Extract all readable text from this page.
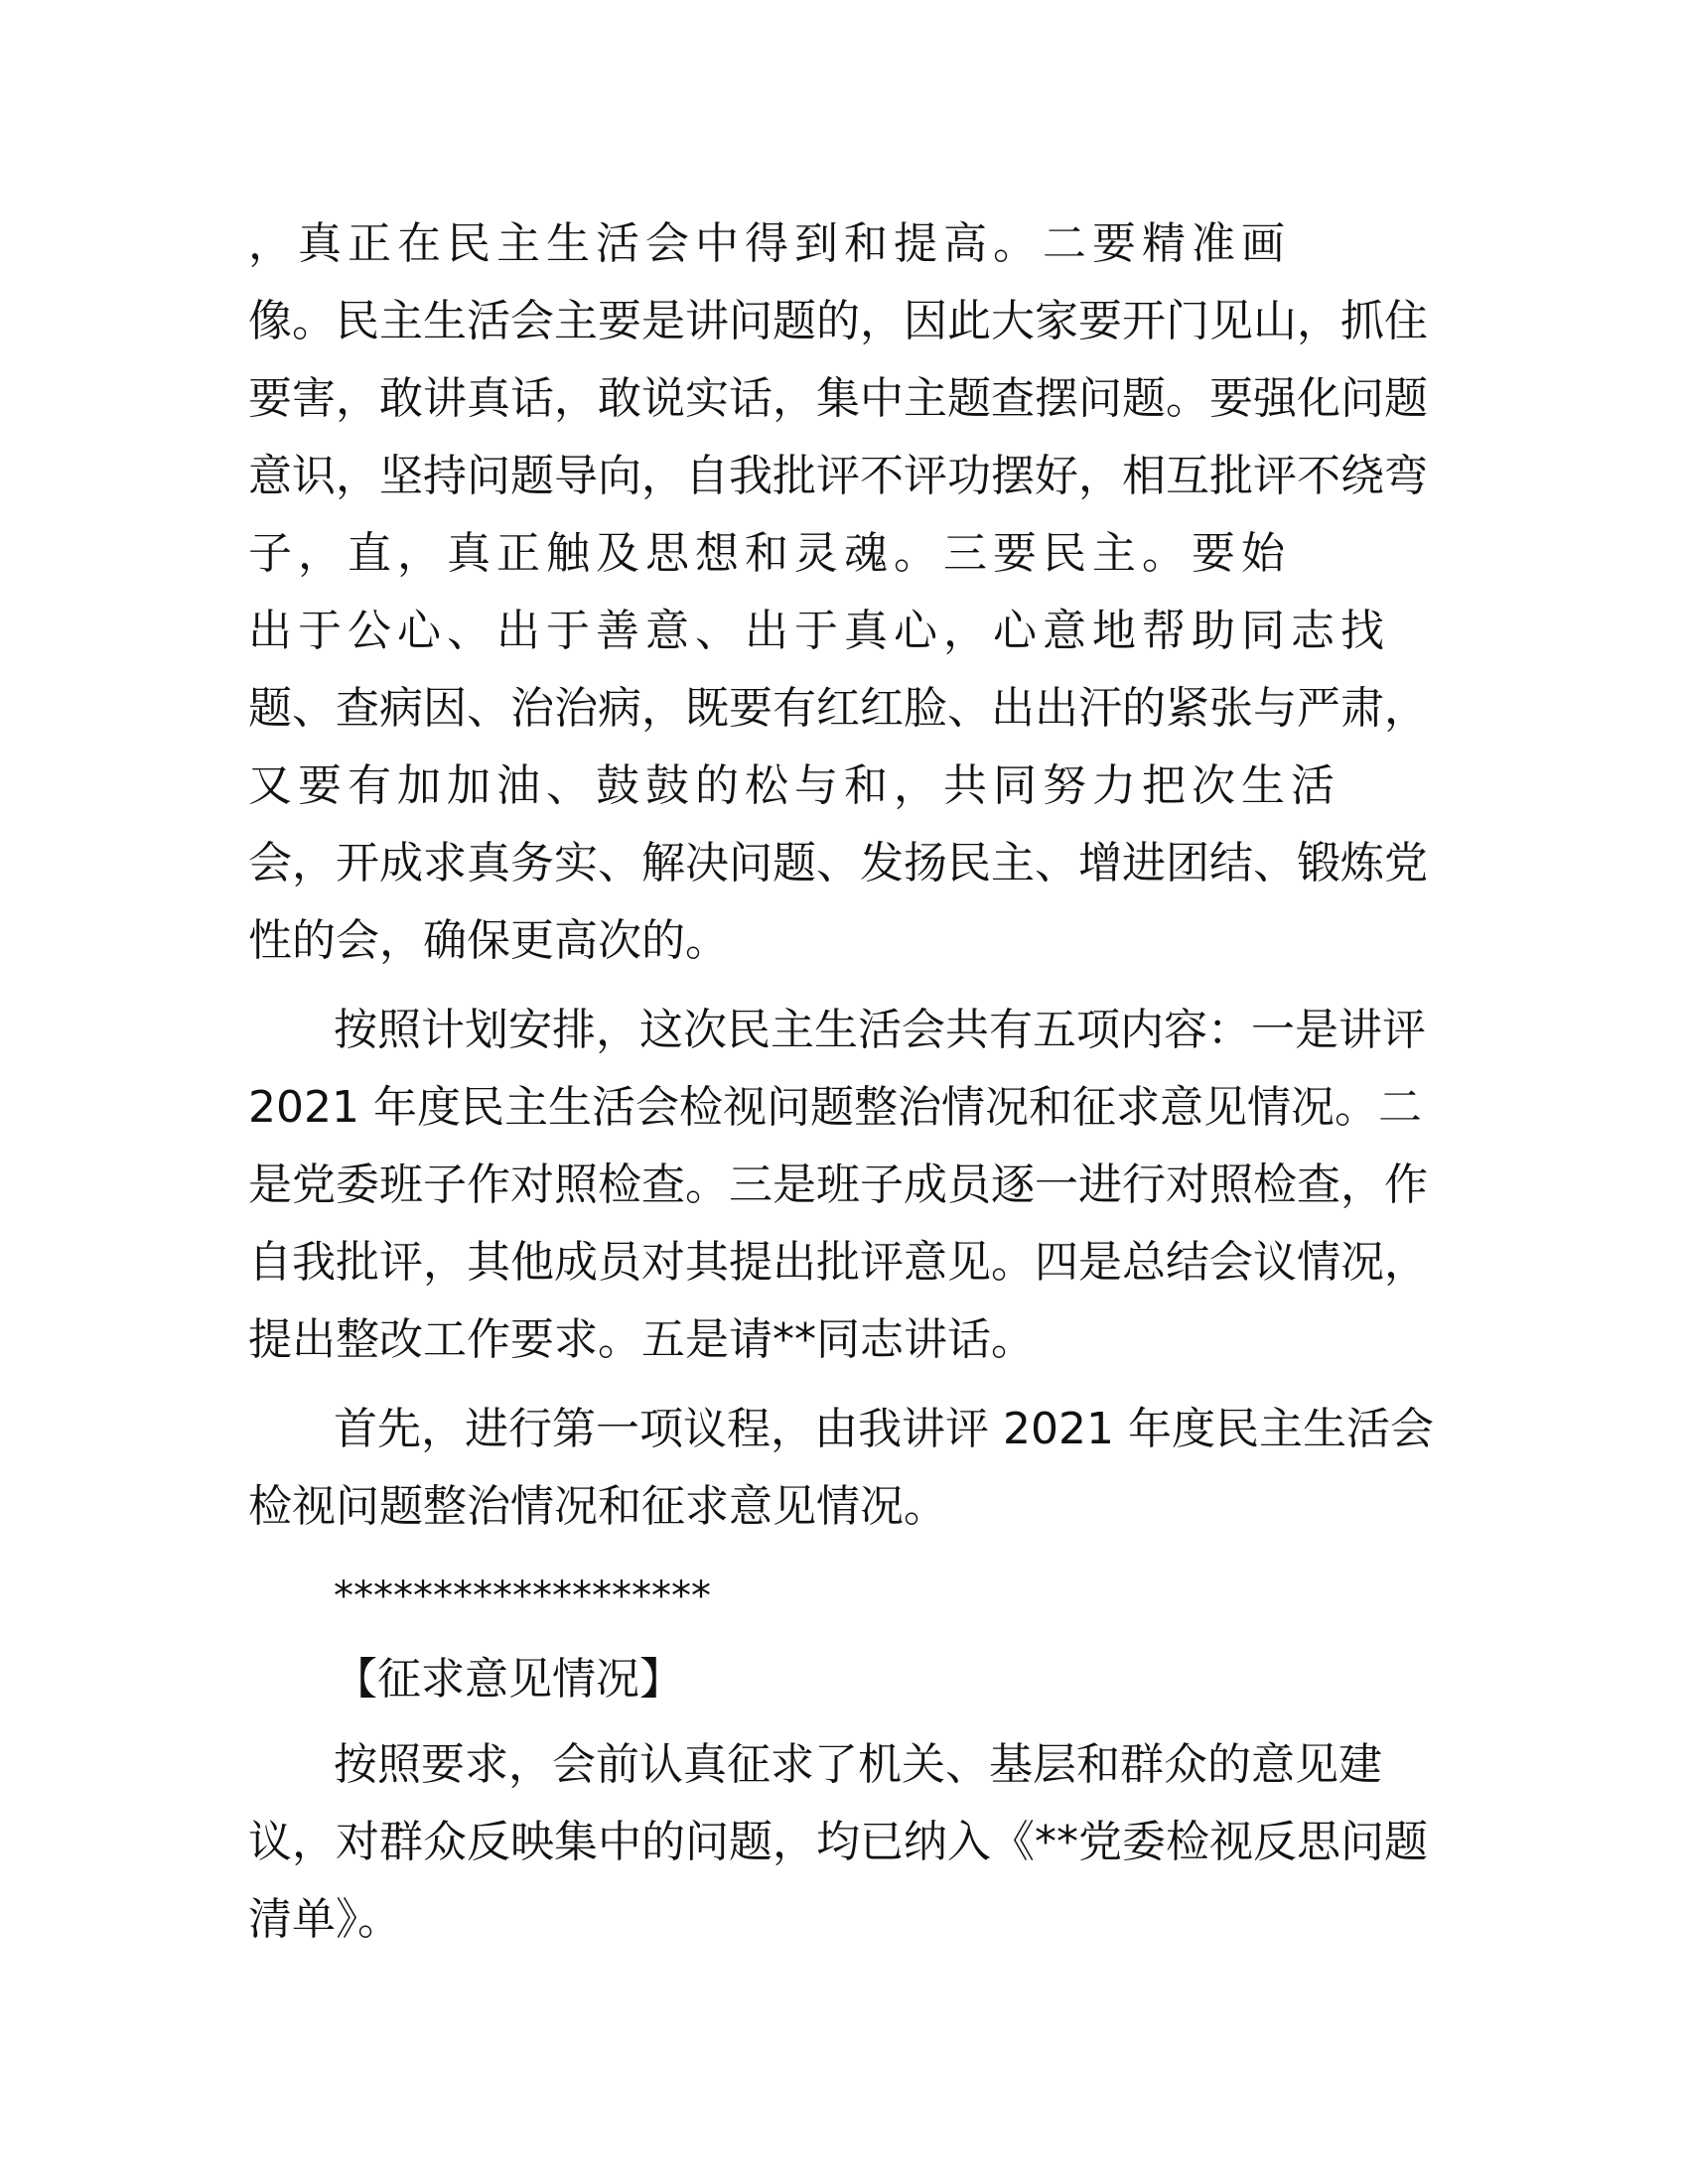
，真正在民主生活会中得到和提高。二要精准画
像。民主生活会主要是讲问题的，因此大家要开门见山，抓住
要害，敢讲真话，敢说实话，集中主题查摆问题。要强化问题
意识，坚持问题导向，自我批评不评功摆好，相互批评不绕弯
子，直，真正触及思想和灵魂。三要民主。要始
出于公心、出于善意、出于真心，心意地帮助同志找
题、查病因、治治病，既要有红红脸、出出汗的紧张与严肃，
又要有加加油、鼓鼓的松与和，共同努力把次生活
会，开成求真务实、解决问题、发扬民主、增进团结、锻炼党
性的会，确保更高次的。
按照计划安排，这次民主生活会共有五项内容：一是讲评
2021 年度民主生活会检视问题整治情况和征求意见情况。二
是党委班子作对照检查。三是班子成员逐一进行对照检查，作
自我批评，其他成员对其提出批评意见。四是总结会议情况，
提出整改工作要求。五是请**同志讲话。
首先，进行第一项议程，由我讲评 2021 年度民主生活会
检视问题整治情况和征求意见情况。
*******************
【征求意见情况】
按照要求，会前认真征求了机关、基层和群众的意见建
议，对群众反映集中的问题，均已纳入《**党委检视反思问题
清单》。
